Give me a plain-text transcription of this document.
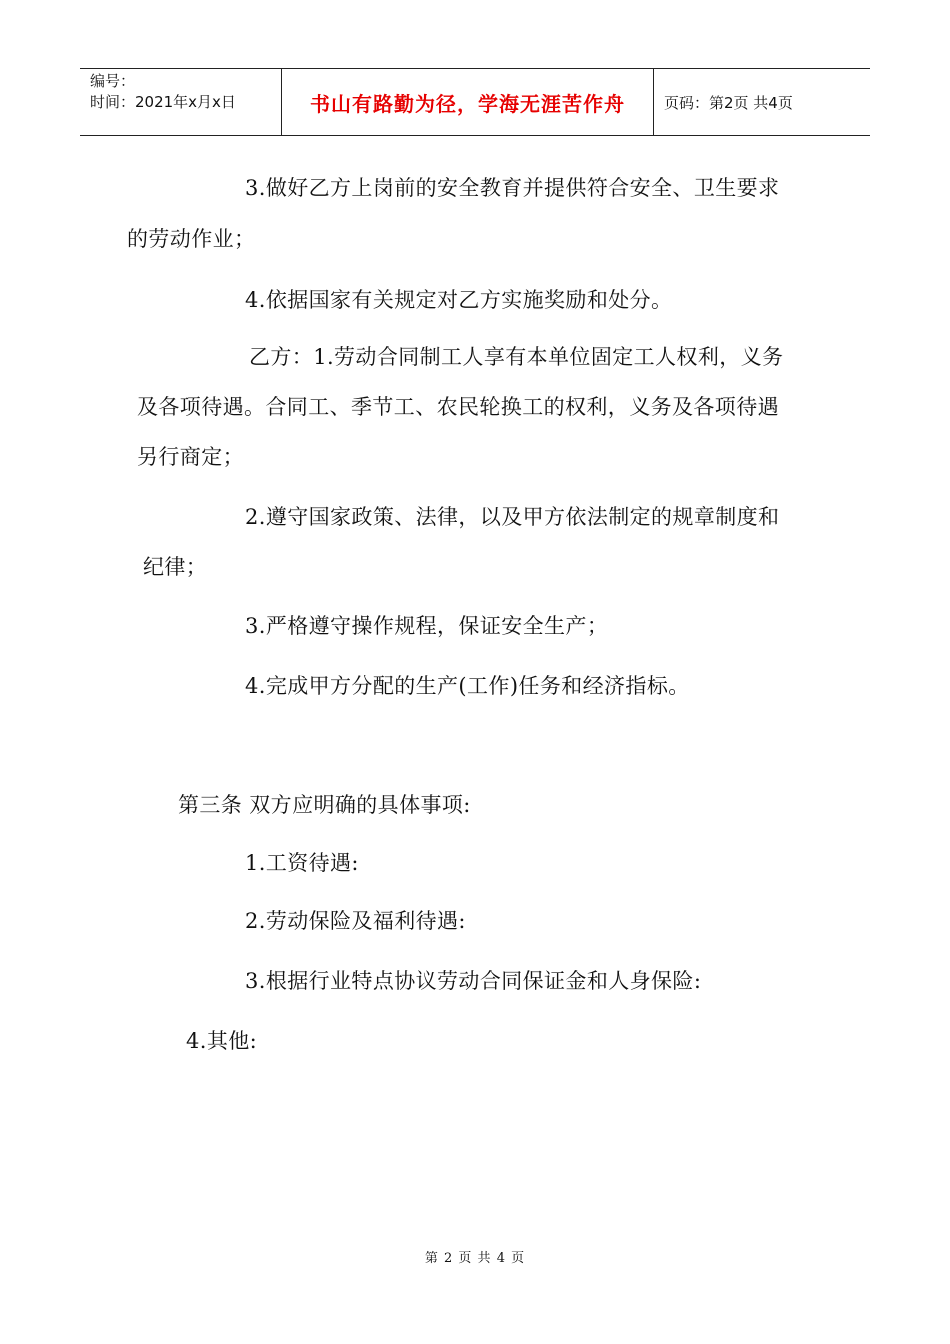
编号：
时间：2021年x月x日	书山有路勤为径，学海无涯苦作舟	页码：第2页 共4页
3.做好乙方上岗前的安全教育并提供符合安全、卫生要求
的劳动作业；
4.依据国家有关规定对乙方实施奖励和处分。
乙方：1.劳动合同制工人享有本单位固定工人权利，义务
及各项待遇。合同工、季节工、农民轮换工的权利，义务及各项待遇
另行商定；
2.遵守国家政策、法律，以及甲方依法制定的规章制度和
纪律；
3.严格遵守操作规程，保证安全生产；
4.完成甲方分配的生产(工作)任务和经济指标。
第三条 双方应明确的具体事项:
1.工资待遇:
2.劳动保险及福利待遇:
3.根据行业特点协议劳动合同保证金和人身保险:
4.其他:
第 2 页 共 4 页
